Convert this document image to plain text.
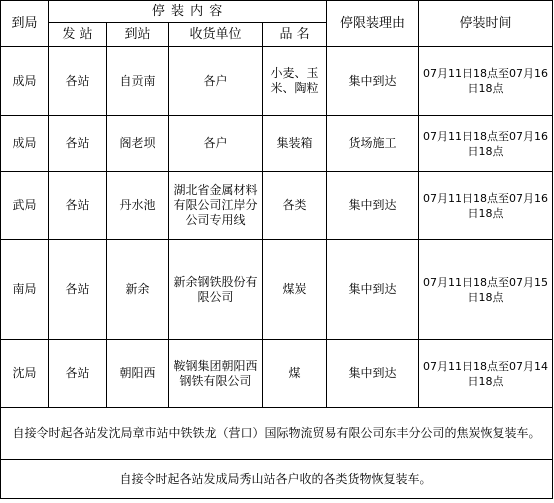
到局	停 装 内 容				停限装理由	停装时间
	发 站	到站	收货单位	品 名		
成局	各站	自贡南	各户	小麦、玉米、陶粒	集中到达	07月11日18点至07月16日18点
成局	各站	阁老坝	各户	集装箱	货场施工	07月11日18点至07月16日18点
武局	各站	丹水池	湖北省金属材料有限公司江岸分公司专用线	各类	集中到达	07月11日18点至07月16日18点
南局	各站	新余	新余钢铁股份有限公司	煤炭	集中到达	07月11日18点至07月15日18点
沈局	各站	朝阳西	鞍钢集团朝阳西钢铁有限公司	煤	集中到达	07月11日18点至07月14日18点
自接令时起各站发沈局章市站中铁铁龙（营口）国际物流贸易有限公司东丰分公司的焦炭恢复装车。						
自接令时起各站发成局秀山站各户收的各类货物恢复装车。						
